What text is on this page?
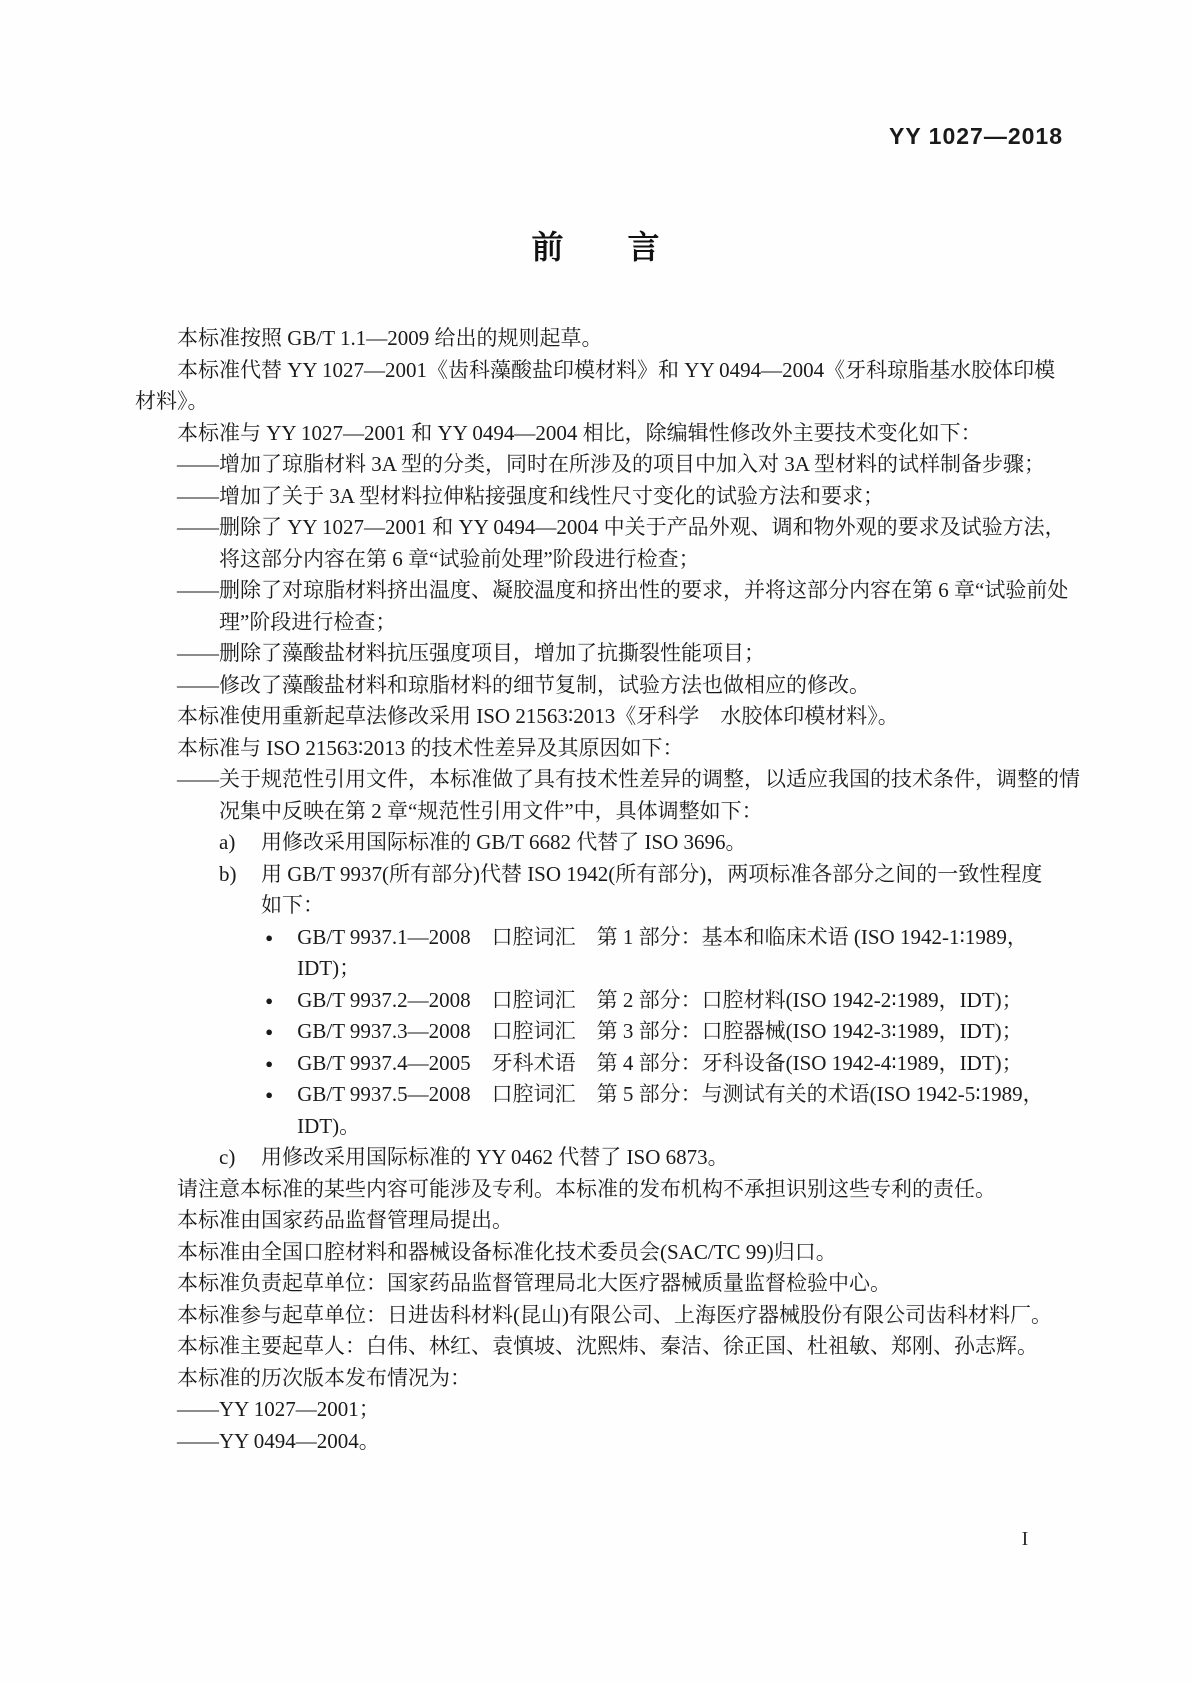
YY 1027—2018
前　　言
本标准按照 GB/T 1.1—2009 给出的规则起草。
本标准代替 YY 1027—2001《齿科藻酸盐印模材料》和 YY 0494—2004《牙科琼脂基水胶体印模
材料》。
本标准与 YY 1027—2001 和 YY 0494—2004 相比，除编辑性修改外主要技术变化如下：
——增加了琼脂材料 3A 型的分类，同时在所涉及的项目中加入对 3A 型材料的试样制备步骤；
——增加了关于 3A 型材料拉伸粘接强度和线性尺寸变化的试验方法和要求；
——删除了 YY 1027—2001 和 YY 0494—2004 中关于产品外观、调和物外观的要求及试验方法，
将这部分内容在第 6 章“试验前处理”阶段进行检查；
——删除了对琼脂材料挤出温度、凝胶温度和挤出性的要求，并将这部分内容在第 6 章“试验前处
理”阶段进行检查；
——删除了藻酸盐材料抗压强度项目，增加了抗撕裂性能项目；
——修改了藻酸盐材料和琼脂材料的细节复制，试验方法也做相应的修改。
本标准使用重新起草法修改采用 ISO 21563∶2013《牙科学　水胶体印模材料》。
本标准与 ISO 21563∶2013 的技术性差异及其原因如下：
——关于规范性引用文件，本标准做了具有技术性差异的调整，以适应我国的技术条件，调整的情
况集中反映在第 2 章“规范性引用文件”中，具体调整如下：
a) 用修改采用国际标准的 GB/T 6682 代替了 ISO 3696。
b) 用 GB/T 9937(所有部分)代替 ISO 1942(所有部分)，两项标准各部分之间的一致性程度
如下：
● GB/T 9937.1—2008　口腔词汇　第 1 部分：基本和临床术语 (ISO 1942-1∶1989，
IDT)；
● GB/T 9937.2—2008　口腔词汇　第 2 部分：口腔材料(ISO 1942-2∶1989，IDT)；
● GB/T 9937.3—2008　口腔词汇　第 3 部分：口腔器械(ISO 1942-3∶1989，IDT)；
● GB/T 9937.4—2005　牙科术语　第 4 部分：牙科设备(ISO 1942-4∶1989，IDT)；
● GB/T 9937.5—2008　口腔词汇　第 5 部分：与测试有关的术语(ISO 1942-5∶1989，
IDT)。
c) 用修改采用国际标准的 YY 0462 代替了 ISO 6873。
请注意本标准的某些内容可能涉及专利。本标准的发布机构不承担识别这些专利的责任。
本标准由国家药品监督管理局提出。
本标准由全国口腔材料和器械设备标准化技术委员会(SAC/TC 99)归口。
本标准负责起草单位：国家药品监督管理局北大医疗器械质量监督检验中心。
本标准参与起草单位：日进齿科材料(昆山)有限公司、上海医疗器械股份有限公司齿科材料厂。
本标准主要起草人：白伟、林红、袁慎坡、沈熙炜、秦洁、徐正国、杜祖敏、郑刚、孙志辉。
本标准的历次版本发布情况为：
——YY 1027—2001；
——YY 0494—2004。
I
